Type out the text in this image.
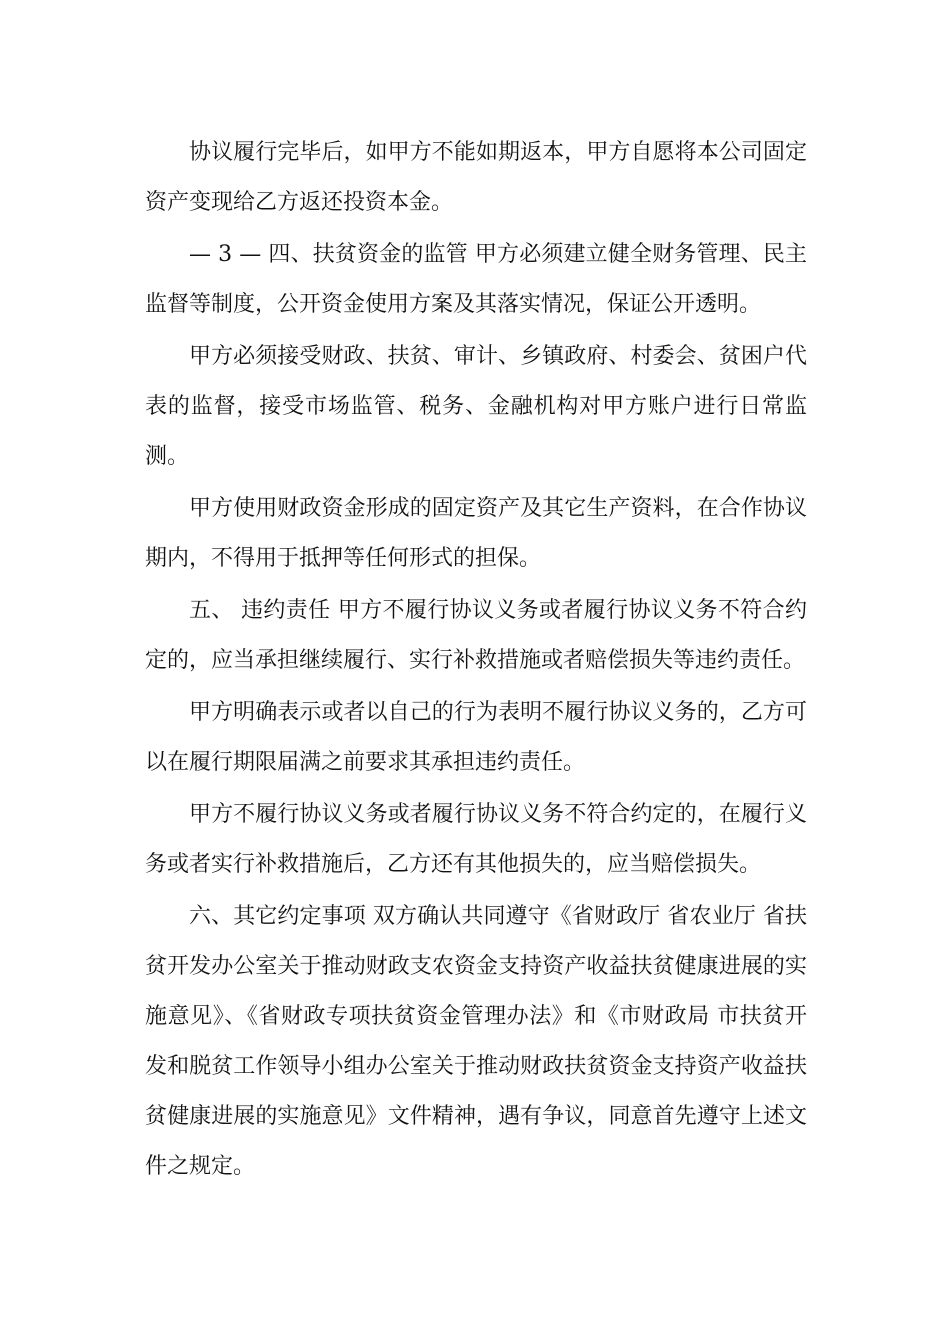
协议履行完毕后，如甲方不能如期返本，甲方自愿将本公司固定资产变现给乙方返还投资本金。

— 3 — 四、扶贫资金的监管 甲方必须建立健全财务管理、民主监督等制度，公开资金使用方案及其落实情况，保证公开透明。

甲方必须接受财政、扶贫、审计、乡镇政府、村委会、贫困户代表的监督，接受市场监管、税务、金融机构对甲方账户进行日常监测。

甲方使用财政资金形成的固定资产及其它生产资料，在合作协议期内，不得用于抵押等任何形式的担保。

五、 违约责任 甲方不履行协议义务或者履行协议义务不符合约定的，应当承担继续履行、实行补救措施或者赔偿损失等违约责任。

甲方明确表示或者以自己的行为表明不履行协议义务的，乙方可以在履行期限届满之前要求其承担违约责任。

甲方不履行协议义务或者履行协议义务不符合约定的，在履行义务或者实行补救措施后，乙方还有其他损失的，应当赔偿损失。

六、其它约定事项 双方确认共同遵守《省财政厅 省农业厅 省扶贫开发办公室关于推动财政支农资金支持资产收益扶贫健康进展的实施意见》、《省财政专项扶贫资金管理办法》和《市财政局 市扶贫开发和脱贫工作领导小组办公室关于推动财政扶贫资金支持资产收益扶贫健康进展的实施意见》文件精神，遇有争议，同意首先遵守上述文件之规定。
